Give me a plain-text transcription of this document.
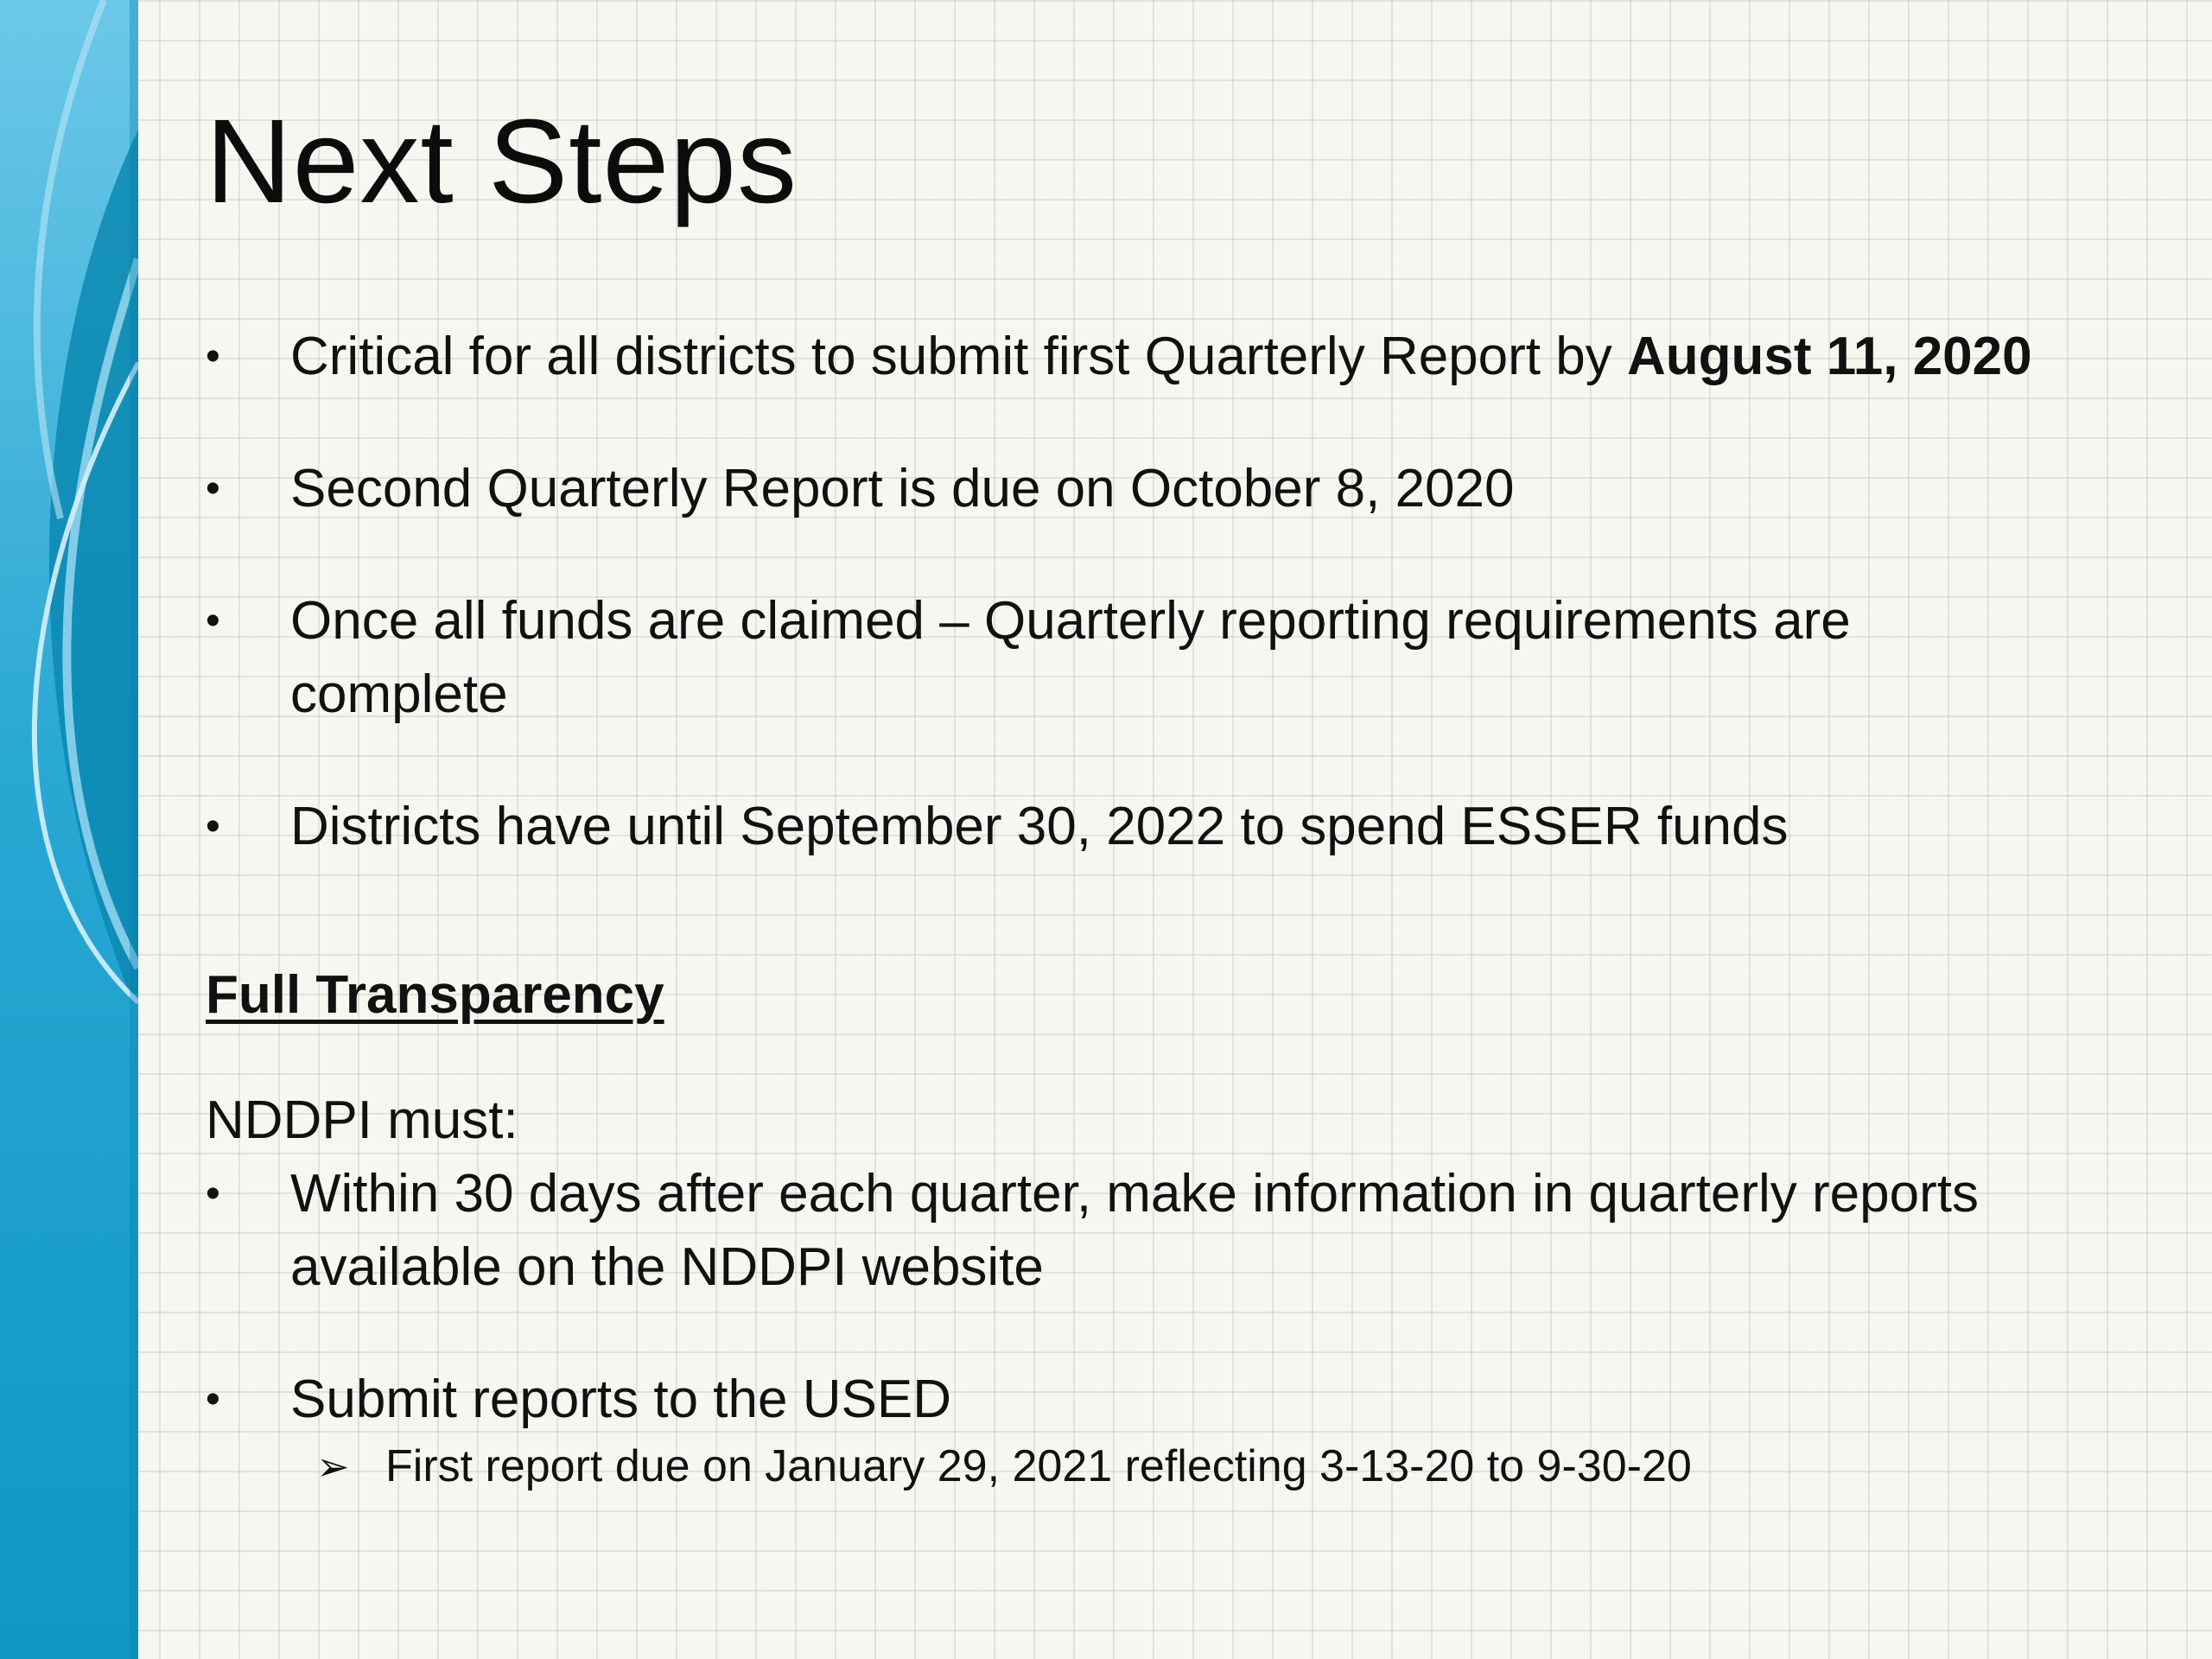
Next Steps
•	Critical for all districts to submit first Quarterly Report by August 11, 2020
•	Second Quarterly Report is due on October 8, 2020
•	Once all funds are claimed – Quarterly reporting requirements are complete
•	Districts have until September 30, 2022 to spend ESSER funds
Full Transparency
NDDPI must:
•	Within 30 days after each quarter, make information in quarterly reports available on the NDDPI website
•	Submit reports to the USED
➢ First report due on January 29, 2021 reflecting 3-13-20 to 9-30-20
